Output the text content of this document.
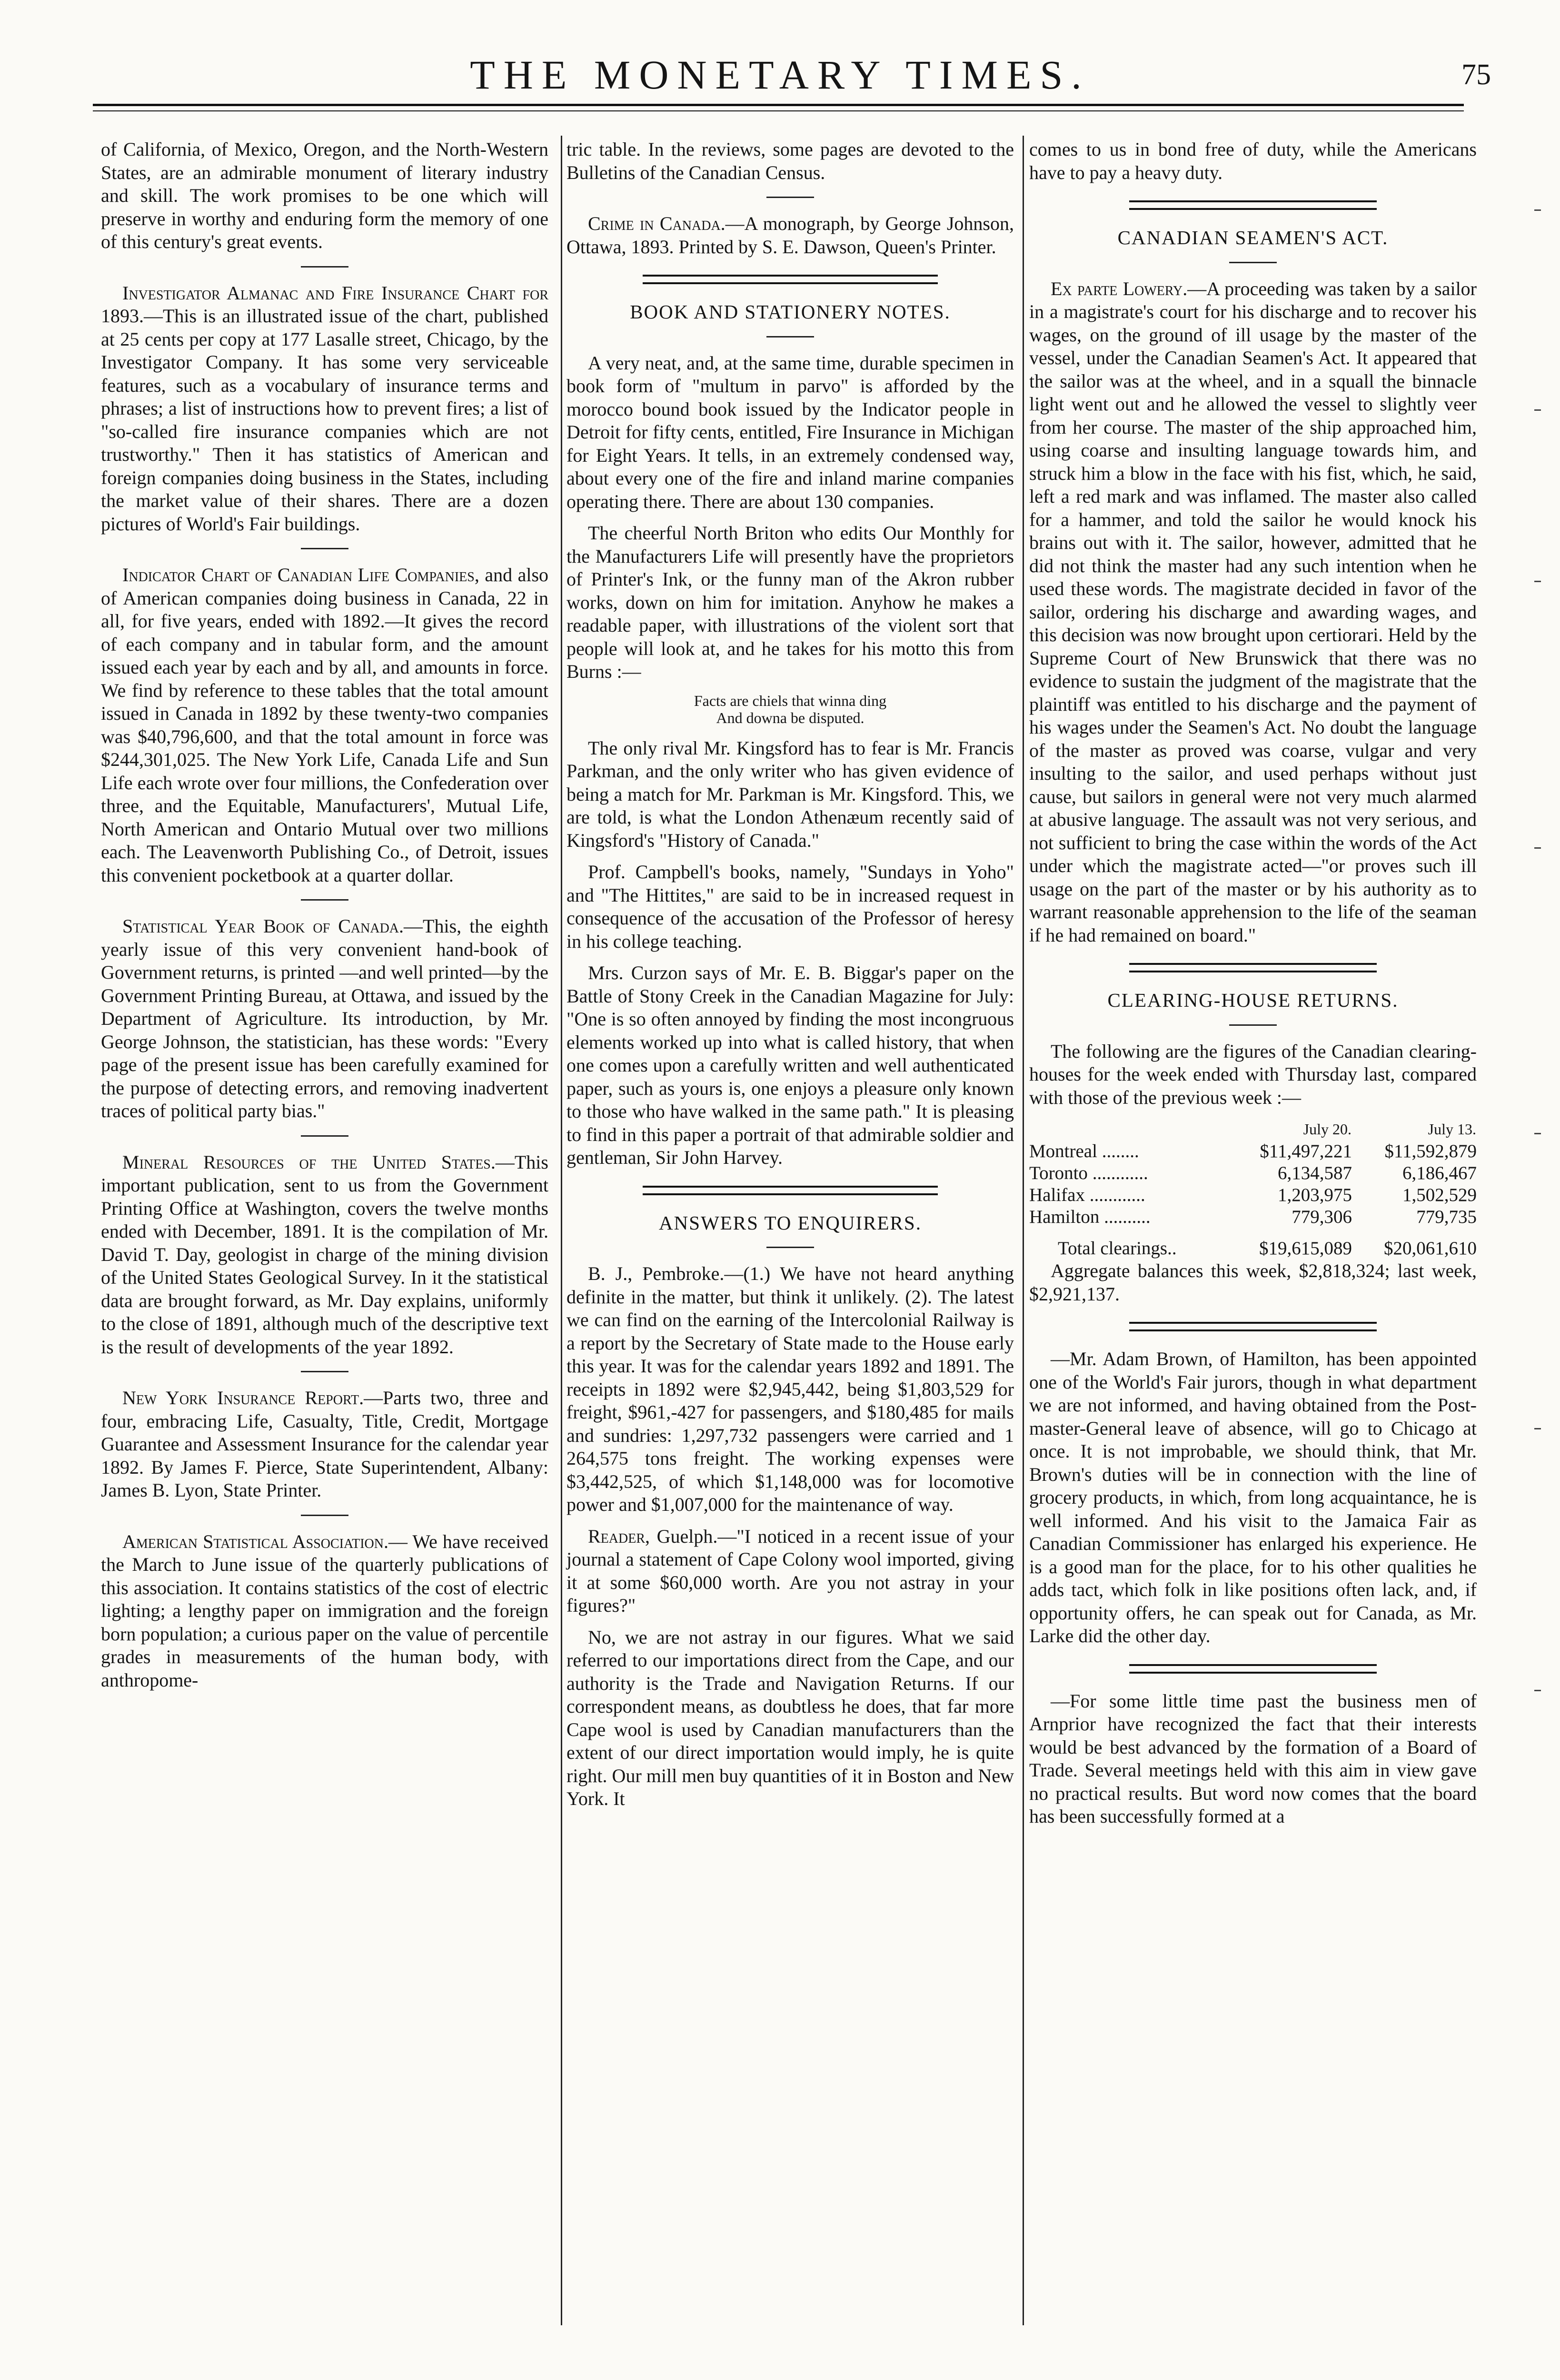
THE MONETARY TIMES.	75

of California, of Mexico, Oregon, and the North-Western States, are an admirable monument of literary industry and skill. The work promises to be one which will preserve in worthy and enduring form the memory of one of this century's great events.

Investigator Almanac and Fire Insurance Chart for 1893.—This is an illustrated issue of the chart, published at 25 cents per copy at 177 Lasalle street, Chicago, by the Investigator Company. It has some very serviceable features, such as a vocabulary of insurance terms and phrases; a list of instructions how to prevent fires; a list of "so-called fire insurance companies which are not trustworthy." Then it has statistics of American and foreign companies doing business in the States, including the market value of their shares. There are a dozen pictures of World's Fair buildings.

Indicator Chart of Canadian Life Companies, and also of American companies doing business in Canada, 22 in all, for five years, ended with 1892.—It gives the record of each company and in tabular form, and the amount issued each year by each and by all, and amounts in force. We find by reference to these tables that the total amount issued in Canada in 1892 by these twenty-two companies was $40,796,600, and that the total amount in force was $244,301,025. The New York Life, Canada Life and Sun Life each wrote over four millions, the Confederation over three, and the Equitable, Manufacturers', Mutual Life, North American and Ontario Mutual over two millions each. The Leavenworth Publishing Co., of Detroit, issues this convenient pocketbook at a quarter dollar.

Statistical Year Book of Canada.—This, the eighth yearly issue of this very convenient hand-book of Government returns, is printed —and well printed—by the Government Printing Bureau, at Ottawa, and issued by the Department of Agriculture. Its introduction, by Mr. George Johnson, the statistician, has these words: "Every page of the present issue has been carefully examined for the purpose of detecting errors, and removing inadvertent traces of political party bias."

Mineral Resources of the United States.—This important publication, sent to us from the Government Printing Office at Washington, covers the twelve months ended with December, 1891. It is the compilation of Mr. David T. Day, geologist in charge of the mining division of the United States Geological Survey. In it the statistical data are brought forward, as Mr. Day explains, uniformly to the close of 1891, although much of the descriptive text is the result of developments of the year 1892.

New York Insurance Report.—Parts two, three and four, embracing Life, Casualty, Title, Credit, Mortgage Guarantee and Assessment Insurance for the calendar year 1892. By James F. Pierce, State Superintendent, Albany: James B. Lyon, State Printer.

American Statistical Association.— We have received the March to June issue of the quarterly publications of this association. It contains statistics of the cost of electric lighting; a lengthy paper on immigration and the foreign born population; a curious paper on the value of percentile grades in measurements of the human body, with anthropome-

tric table. In the reviews, some pages are devoted to the Bulletins of the Canadian Census.

Crime in Canada.—A monograph, by George Johnson, Ottawa, 1893. Printed by S. E. Dawson, Queen's Printer.

BOOK AND STATIONERY NOTES.

A very neat, and, at the same time, durable specimen in book form of "multum in parvo" is afforded by the morocco bound book issued by the Indicator people in Detroit for fifty cents, entitled, Fire Insurance in Michigan for Eight Years. It tells, in an extremely condensed way, about every one of the fire and inland marine companies operating there. There are about 130 companies.

The cheerful North Briton who edits Our Monthly for the Manufacturers Life will presently have the proprietors of Printer's Ink, or the funny man of the Akron rubber works, down on him for imitation. Anyhow he makes a readable paper, with illustrations of the violent sort that people will look at, and he takes for his motto this from Burns :—

Facts are chiels that winna ding
And downa be disputed.

The only rival Mr. Kingsford has to fear is Mr. Francis Parkman, and the only writer who has given evidence of being a match for Mr. Parkman is Mr. Kingsford. This, we are told, is what the London Athenæum recently said of Kingsford's "History of Canada."

Prof. Campbell's books, namely, "Sundays in Yoho" and "The Hittites," are said to be in increased request in consequence of the accusation of the Professor of heresy in his college teaching.

Mrs. Curzon says of Mr. E. B. Biggar's paper on the Battle of Stony Creek in the Canadian Magazine for July: "One is so often annoyed by finding the most incongruous elements worked up into what is called history, that when one comes upon a carefully written and well authenticated paper, such as yours is, one enjoys a pleasure only known to those who have walked in the same path." It is pleasing to find in this paper a portrait of that admirable soldier and gentleman, Sir John Harvey.

ANSWERS TO ENQUIRERS.

B. J., Pembroke.—(1.) We have not heard anything definite in the matter, but think it unlikely. (2). The latest we can find on the earning of the Intercolonial Railway is a report by the Secretary of State made to the House early this year. It was for the calendar years 1892 and 1891. The receipts in 1892 were $2,945,442, being $1,803,529 for freight, $961,-427 for passengers, and $180,485 for mails and sundries: 1,297,732 passengers were carried and 1 264,575 tons freight. The working expenses were $3,442,525, of which $1,148,000 was for locomotive power and $1,007,000 for the maintenance of way.

Reader, Guelph.—"I noticed in a recent issue of your journal a statement of Cape Colony wool imported, giving it at some $60,000 worth. Are you not astray in your figures?"

No, we are not astray in our figures. What we said referred to our importations direct from the Cape, and our authority is the Trade and Navigation Returns. If our correspondent means, as doubtless he does, that far more Cape wool is used by Canadian manufacturers than the extent of our direct importation would imply, he is quite right. Our mill men buy quantities of it in Boston and New York. It

comes to us in bond free of duty, while the Americans have to pay a heavy duty.

CANADIAN SEAMEN'S ACT.

Ex parte Lowery.—A proceeding was taken by a sailor in a magistrate's court for his discharge and to recover his wages, on the ground of ill usage by the master of the vessel, under the Canadian Seamen's Act. It appeared that the sailor was at the wheel, and in a squall the binnacle light went out and he allowed the vessel to slightly veer from her course. The master of the ship approached him, using coarse and insulting language towards him, and struck him a blow in the face with his fist, which, he said, left a red mark and was inflamed. The master also called for a hammer, and told the sailor he would knock his brains out with it. The sailor, however, admitted that he did not think the master had any such intention when he used these words. The magistrate decided in favor of the sailor, ordering his discharge and awarding wages, and this decision was now brought upon certiorari. Held by the Supreme Court of New Brunswick that there was no evidence to sustain the judgment of the magistrate that the plaintiff was entitled to his discharge and the payment of his wages under the Seamen's Act. No doubt the language of the master as proved was coarse, vulgar and very insulting to the sailor, and used perhaps without just cause, but sailors in general were not very much alarmed at abusive language. The assault was not very serious, and not sufficient to bring the case within the words of the Act under which the magistrate acted—"or proves such ill usage on the part of the master or by his authority as to warrant reasonable apprehension to the life of the seaman if he had remained on board."

CLEARING-HOUSE RETURNS.

The following are the figures of the Canadian clearing-houses for the week ended with Thursday last, compared with those of the previous week :—

	July 20.	July 13.
Montreal ........	$11,497,221	$11,592,879
Toronto ............	6,134,587	6,186,467
Halifax ............	1,203,975	1,502,529
Hamilton ..........	779,306	779,735
Total clearings..	$19,615,089	$20,061,610

Aggregate balances this week, $2,818,324; last week, $2,921,137.

—Mr. Adam Brown, of Hamilton, has been appointed one of the World's Fair jurors, though in what department we are not informed, and having obtained from the Post-master-General leave of absence, will go to Chicago at once. It is not improbable, we should think, that Mr. Brown's duties will be in connection with the line of grocery products, in which, from long acquaintance, he is well informed. And his visit to the Jamaica Fair as Canadian Commissioner has enlarged his experience. He is a good man for the place, for to his other qualities he adds tact, which folk in like positions often lack, and, if opportunity offers, he can speak out for Canada, as Mr. Larke did the other day.

—For some little time past the business men of Arnprior have recognized the fact that their interests would be best advanced by the formation of a Board of Trade. Several meetings held with this aim in view gave no practical results. But word now comes that the board has been successfully formed at a
